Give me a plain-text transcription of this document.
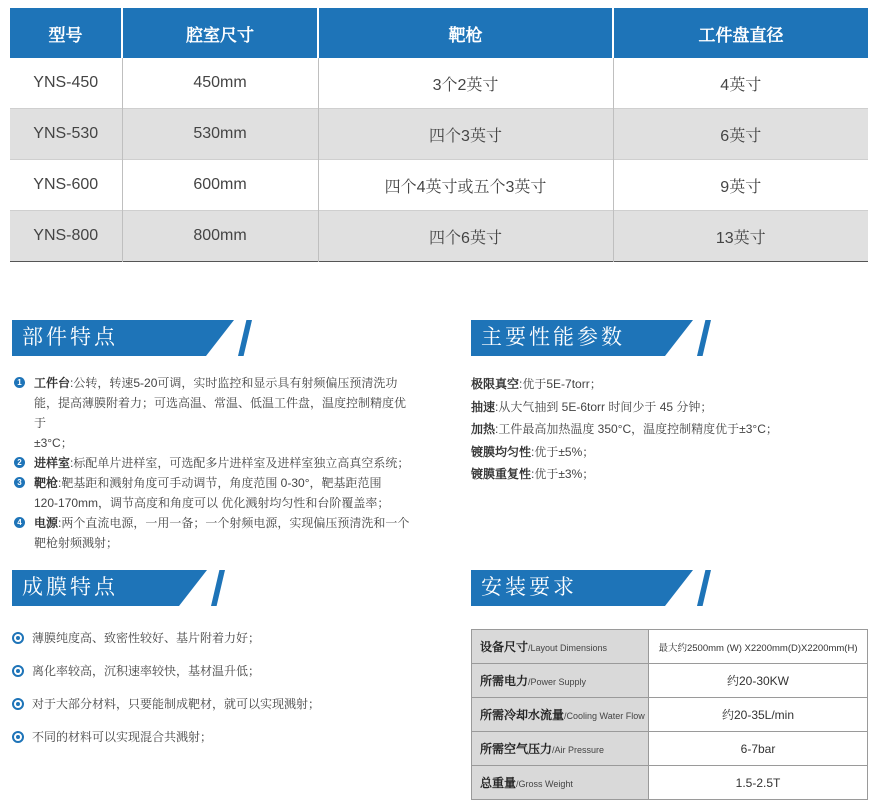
型号	腔室尺寸	靶枪	工件盘直径
YNS-450	450mm	3个2英寸	4英寸
YNS-530	530mm	四个3英寸	6英寸
YNS-600	600mm	四个4英寸或五个3英寸	9英寸
YNS-800	800mm	四个6英寸	13英寸
部件特点
1 工件台:公转，转速5-20可调，实时监控和显示具有射频偏压预清洗功
能，提高薄膜附着力；可选高温、常温、低温工件盘，温度控制精度优于
±3°C；
2 进样室:标配单片进样室，可选配多片进样室及进样室独立高真空系统；
3 靶枪:靶基距和溅射角度可手动调节，角度范围 0-30°，靶基距范围
120-170mm，调节高度和角度可以 优化溅射均匀性和台阶覆盖率；
4 电源:两个直流电源，一用一备；一个射频电源，实现偏压预清洗和一个
靶枪射频溅射；
主要性能参数
极限真空:优于5E-7torr；
抽速:从大气抽到 5E-6torr 时间少于 45 分钟；
加热:工件最高加热温度 350°C，温度控制精度优于±3°C；
镀膜均匀性:优于±5%；
镀膜重复性:优于±3%；
成膜特点
薄膜纯度高、致密性较好、基片附着力好；
离化率较高，沉积速率较快，基材温升低；
对于大部分材料，只要能制成靶材，就可以实现溅射；
不同的材料可以实现混合共溅射；
安装要求
设备尺寸/Layout Dimensions	最大约2500mm (W) X2200mm(D)X2200mm(H)
所需电力/Power Supply	约20-30KW
所需冷却水流量/Cooling Water Flow	约20-35L/min
所需空气压力/Air Pressure	6-7bar
总重量/Gross Weight	1.5-2.5T
